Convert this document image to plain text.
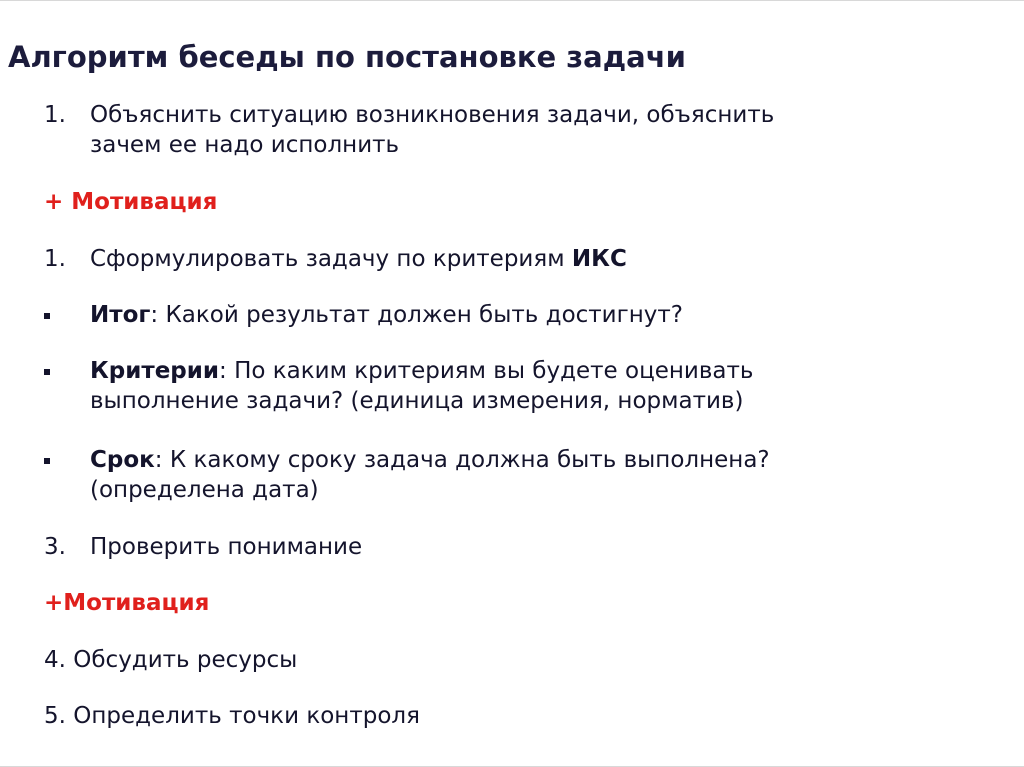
Алгоритм беседы по постановке задачи
1. Объяснить ситуацию возникновения задачи, объяснить
зачем ее надо исполнить
+ Мотивация
1. Сформулировать задачу по критериям ИКС
Итог: Какой результат должен быть достигнут?
Критерии: По каким критериям вы будете оценивать
выполнение задачи? (единица измерения, норматив)
Срок: К какому сроку задача должна быть выполнена?
(определена дата)
3. Проверить понимание
+Мотивация
4. Обсудить ресурсы
5. Определить точки контроля
